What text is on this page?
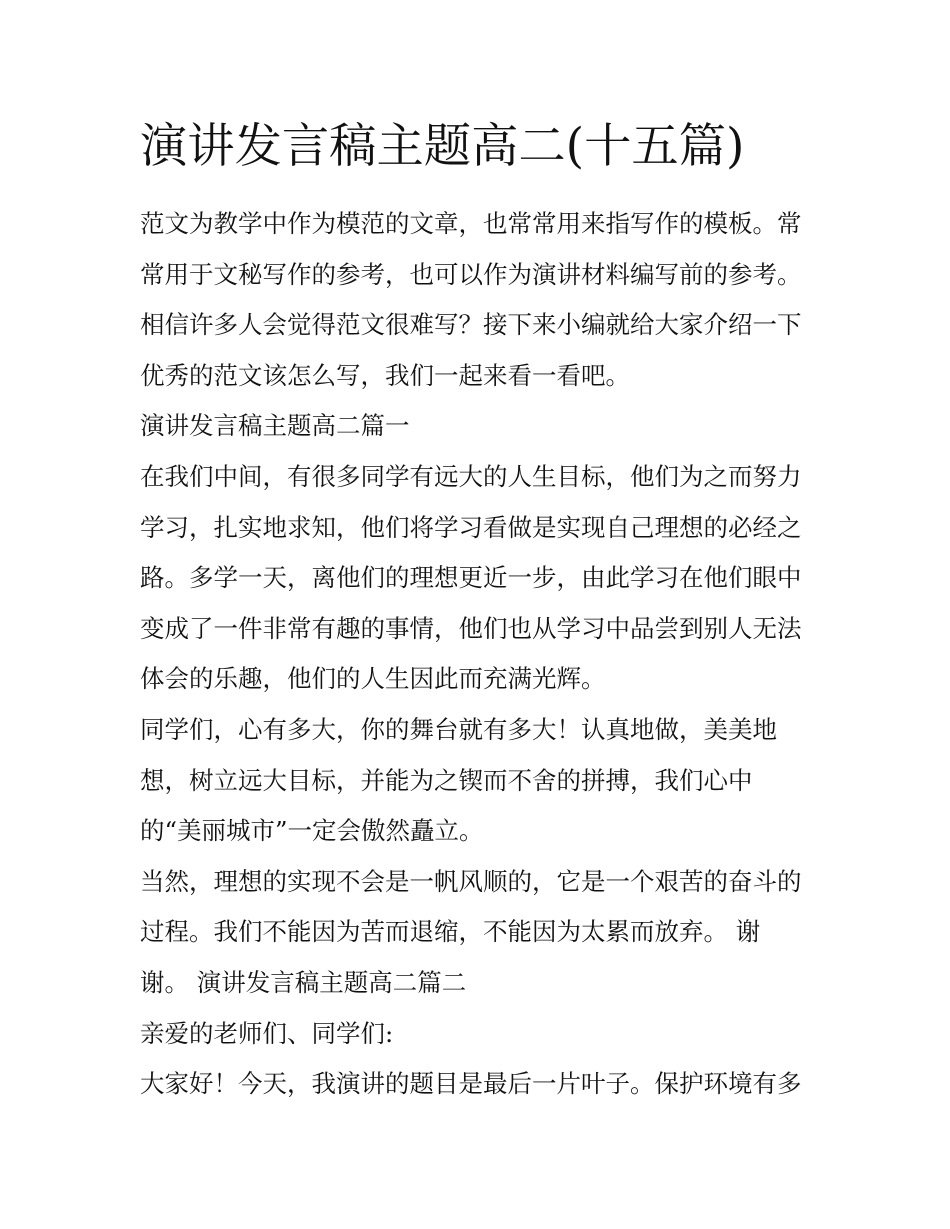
演讲发言稿主题高二(十五篇)
范文为教学中作为模范的文章，也常常用来指写作的模板。常
常用于文秘写作的参考，也可以作为演讲材料编写前的参考。
相信许多人会觉得范文很难写？接下来小编就给大家介绍一下
优秀的范文该怎么写，我们一起来看一看吧。
演讲发言稿主题高二篇一
在我们中间，有很多同学有远大的人生目标，他们为之而努力
学习，扎实地求知，他们将学习看做是实现自己理想的必经之
路。多学一天，离他们的理想更近一步，由此学习在他们眼中
变成了一件非常有趣的事情，他们也从学习中品尝到别人无法
体会的乐趣，他们的人生因此而充满光辉。
同学们，心有多大，你的舞台就有多大！认真地做，美美地
想，树立远大目标，并能为之锲而不舍的拼搏，我们心中
的“美丽城市”一定会傲然矗立。
当然，理想的实现不会是一帆风顺的，它是一个艰苦的奋斗的
过程。我们不能因为苦而退缩，不能因为太累而放弃。 谢
谢。 演讲发言稿主题高二篇二
亲爱的老师们、同学们:
大家好！今天，我演讲的题目是最后一片叶子。保护环境有多
